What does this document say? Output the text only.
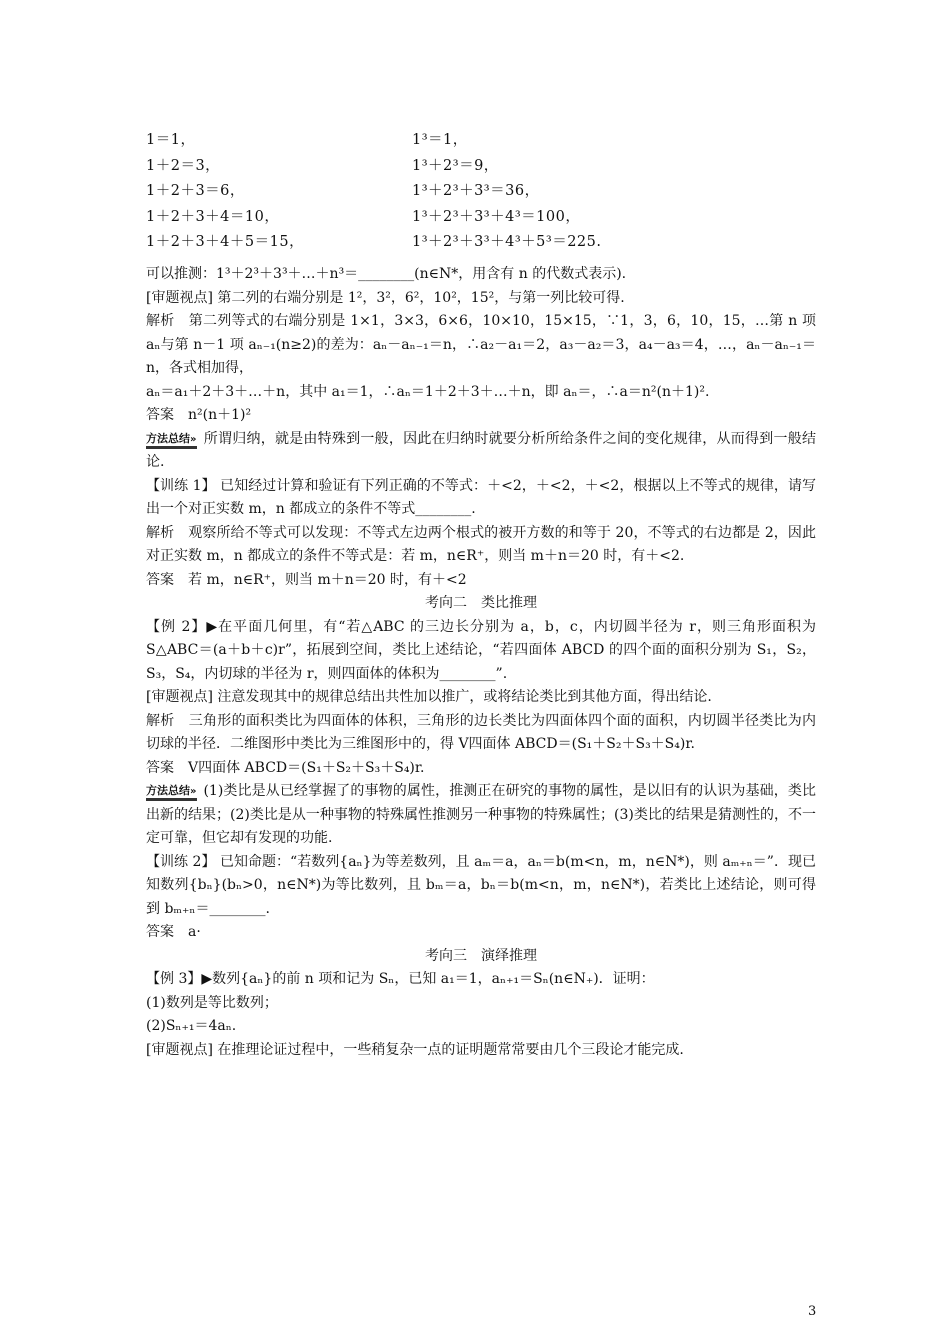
1＝1，
1＋2＝3，
1＋2＋3＝6，
1＋2＋3＋4＝10，
1＋2＋3＋4＋5＝15，
1³＝1，
1³＋2³＝9，
1³＋2³＋3³＝36，
1³＋2³＋3³＋4³＝100，
1³＋2³＋3³＋4³＋5³＝225.

可以推测：1³＋2³＋3³＋…＋n³＝________(n∈N*，用含有 n 的代数式表示).

[审题视点] 第二列的右端分别是 1²，3²，6²，10²，15²，与第一列比较可得.

解析　第二列等式的右端分别是 1×1，3×3，6×6，10×10，15×15，∵1，3，6，10，15，…第 n 项 aₙ与第 n－1 项 aₙ₋₁(n≥2)的差为：aₙ－aₙ₋₁＝n，∴a₂－a₁＝2，a₃－a₂＝3，a₄－a₃＝4，…，aₙ－aₙ₋₁＝n，各式相加得，

aₙ＝a₁＋2＋3＋…＋n，其中 a₁＝1，∴aₙ＝1＋2＋3＋…＋n，即 aₙ＝，∴a＝n²(n＋1)².

答案　n²(n＋1)²

方法总结» 所谓归纳，就是由特殊到一般，因此在归纳时就要分析所给条件之间的变化规律，从而得到一般结论.

【训练 1】 已知经过计算和验证有下列正确的不等式：＋<2，＋<2，＋<2，根据以上不等式的规律，请写出一个对正实数 m，n 都成立的条件不等式________.

解析　观察所给不等式可以发现：不等式左边两个根式的被开方数的和等于 20，不等式的右边都是 2，因此对正实数 m，n 都成立的条件不等式是：若 m，n∈R⁺，则当 m＋n＝20 时，有＋<2.

答案　若 m，n∈R⁺，则当 m＋n＝20 时，有＋<2

考向二　类比推理

【例 2】▶在平面几何里，有“若△ABC 的三边长分别为 a，b，c，内切圆半径为 r，则三角形面积为 S△ABC＝(a＋b＋c)r”，拓展到空间，类比上述结论，“若四面体 ABCD 的四个面的面积分别为 S₁，S₂，S₃，S₄，内切球的半径为 r，则四面体的体积为________”.

[审题视点] 注意发现其中的规律总结出共性加以推广，或将结论类比到其他方面，得出结论.

解析　三角形的面积类比为四面体的体积，三角形的边长类比为四面体四个面的面积，内切圆半径类比为内切球的半径．二维图形中类比为三维图形中的，得 V四面体 ABCD＝(S₁＋S₂＋S₃＋S₄)r.

答案　V四面体 ABCD＝(S₁＋S₂＋S₃＋S₄)r.

方法总结» (1)类比是从已经掌握了的事物的属性，推测正在研究的事物的属性，是以旧有的认识为基础，类比出新的结果；(2)类比是从一种事物的特殊属性推测另一种事物的特殊属性；(3)类比的结果是猜测性的，不一定可靠，但它却有发现的功能.

【训练 2】 已知命题：“若数列{aₙ}为等差数列，且 aₘ＝a，aₙ＝b(m<n，m，n∈N*)，则 aₘ₊ₙ＝”．现已知数列{bₙ}(bₙ>0，n∈N*)为等比数列，且 bₘ＝a，bₙ＝b(m<n，m，n∈N*)，若类比上述结论，则可得到 bₘ₊ₙ＝________.

答案　a·

考向三　演绎推理

【例 3】▶数列{aₙ}的前 n 项和记为 Sₙ，已知 a₁＝1，aₙ₊₁＝Sₙ(n∈N₊)．证明：

(1)数列是等比数列；

(2)Sₙ₊₁＝4aₙ.

[审题视点] 在推理论证过程中，一些稍复杂一点的证明题常常要由几个三段论才能完成.

3
